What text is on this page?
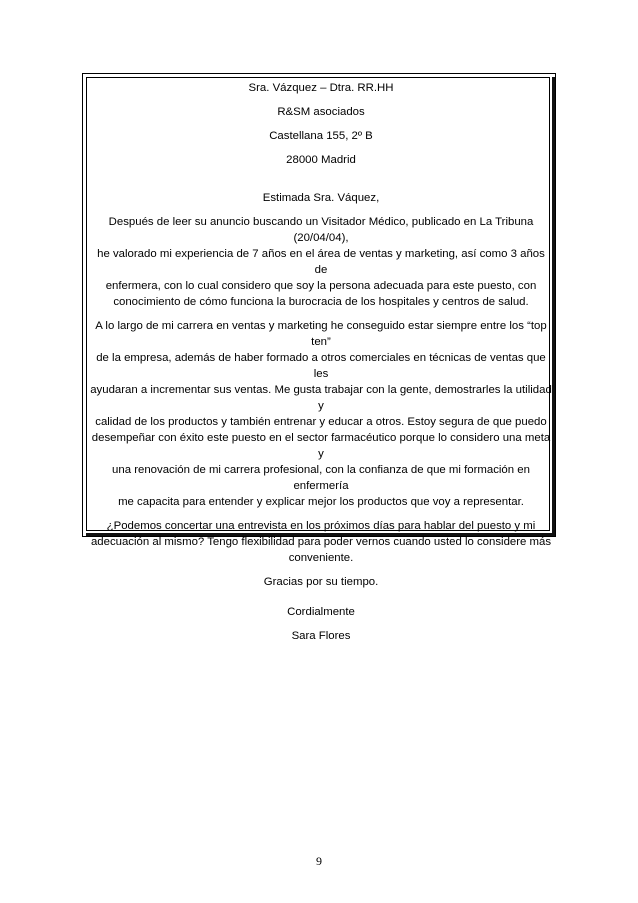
Sra. Vázquez – Dtra. RR.HH

R&SM asociados

Castellana 155, 2º B

28000 Madrid

Estimada Sra. Váquez,

Después de leer su anuncio buscando un Visitador Médico, publicado en La Tribuna (20/04/04),

he valorado mi experiencia de 7 años en el área de ventas y marketing, así como 3 años de

enfermera, con lo cual considero que soy la persona adecuada para este puesto, con

conocimiento de cómo funciona la burocracia de los hospitales y centros de salud.

A lo largo de mi carrera en ventas y marketing he conseguido estar siempre entre los “top ten”

de la empresa, además de haber formado a otros comerciales en técnicas de ventas que les

ayudaran a incrementar sus ventas. Me gusta trabajar con la gente, demostrarles la utilidad y

calidad de los productos y también entrenar y educar a otros. Estoy segura de que puedo

desempeñar con éxito este puesto en el sector farmacéutico porque lo considero una meta y

una renovación de mi carrera profesional, con la confianza de que mi formación en enfermería

me capacita para entender y explicar mejor los productos que voy a representar.

¿Podemos concertar una entrevista en los próximos días para hablar del puesto y mi

adecuación al mismo? Tengo flexibilidad para poder vernos cuando usted lo considere más

conveniente.

Gracias por su tiempo.

Cordialmente

Sara Flores

9
